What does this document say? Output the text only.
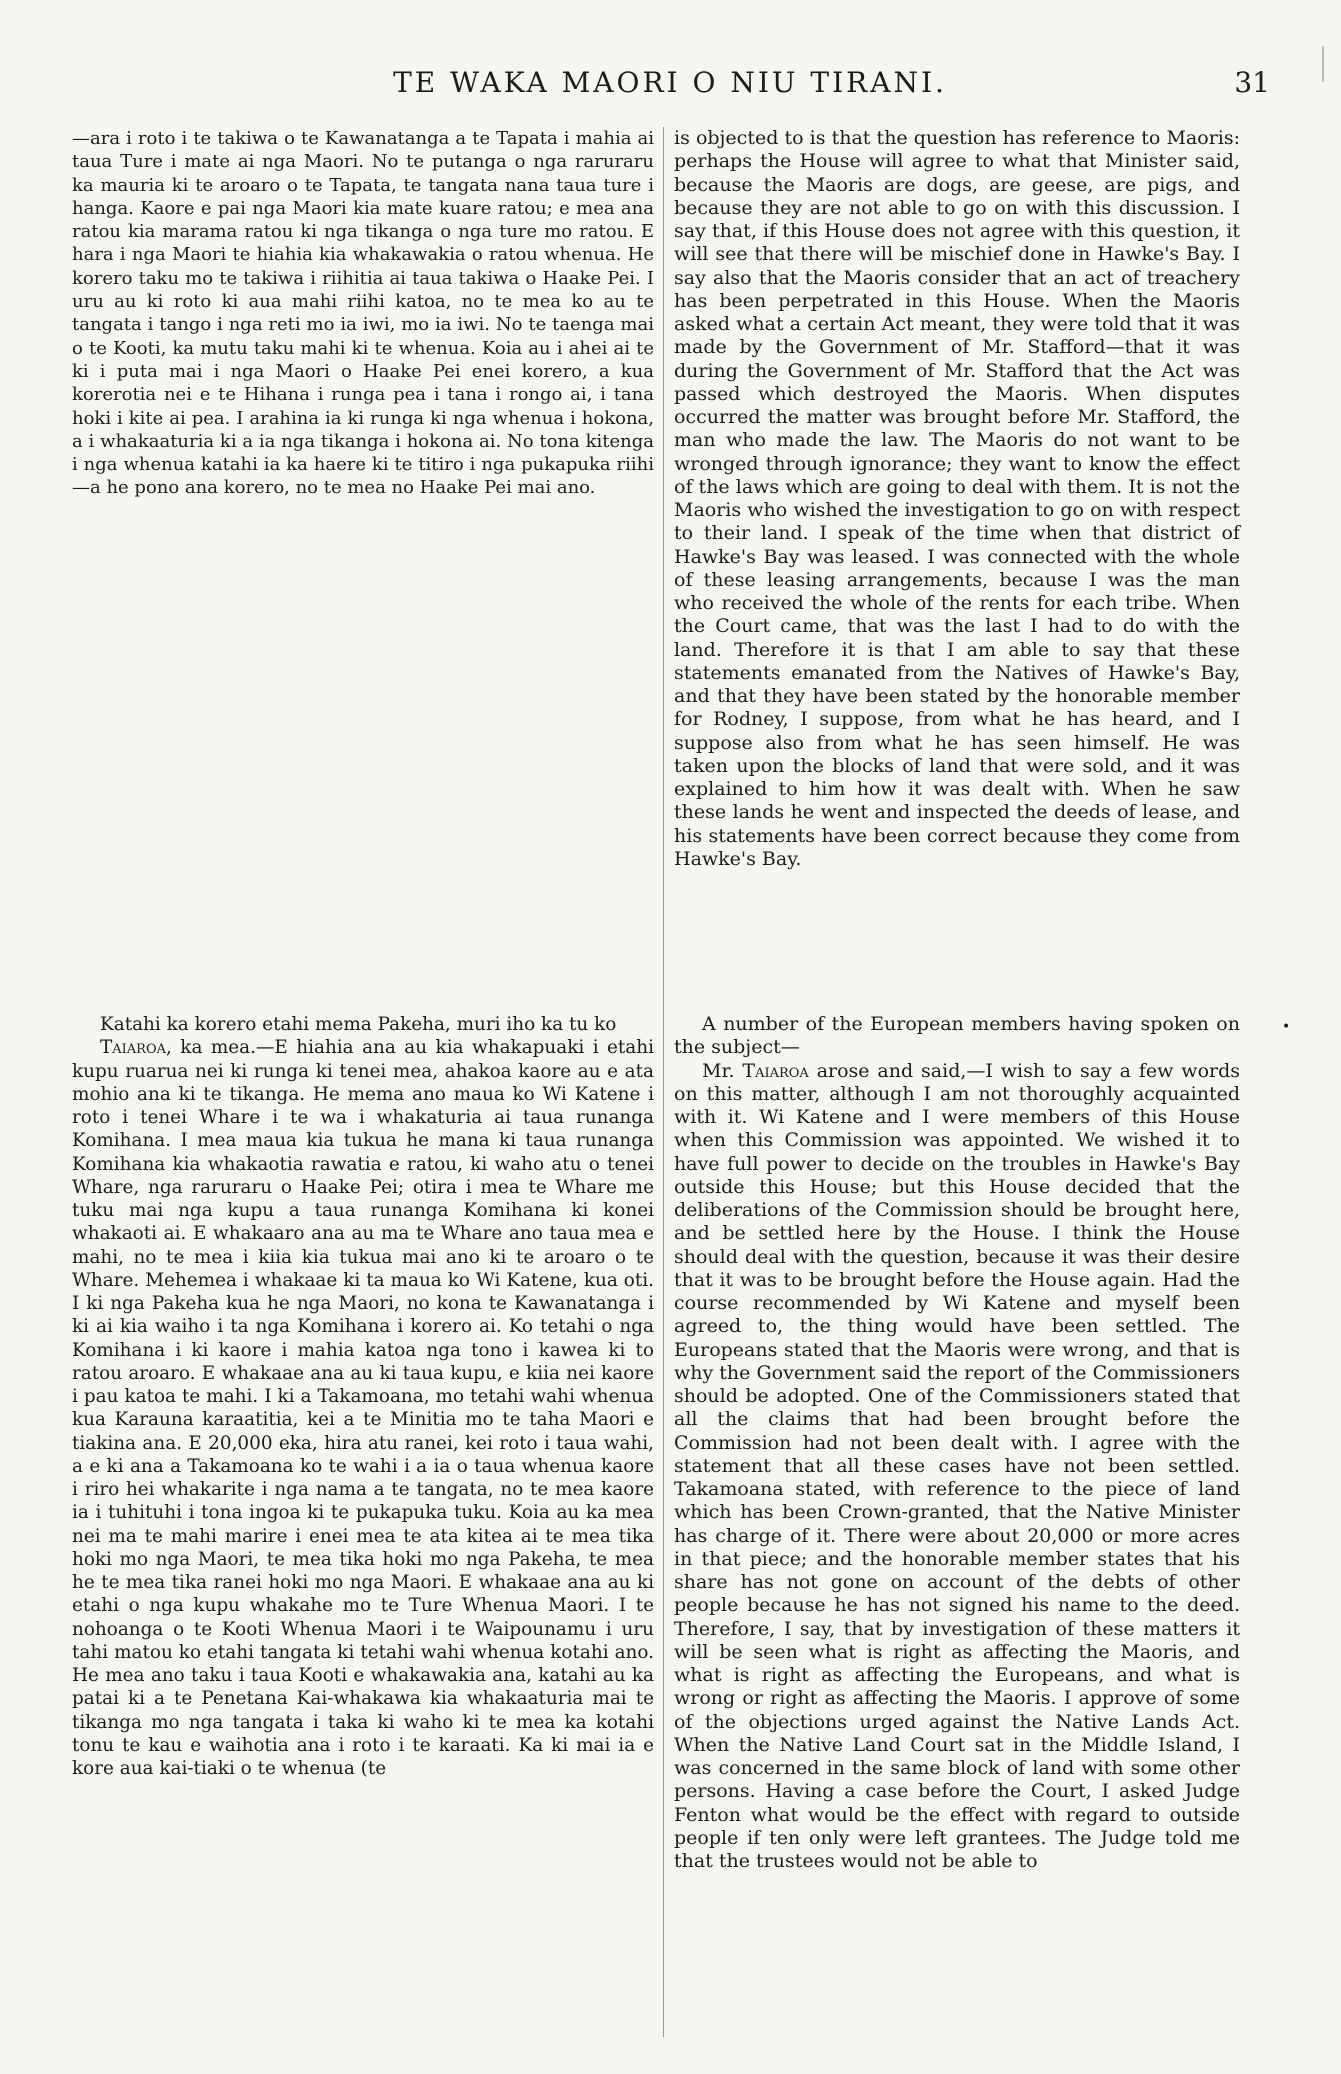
TE WAKA MAORI O NIU TIRANI.	31

—ara i roto i te takiwa o te Kawanatanga a te Tapata i mahia ai taua Ture i mate ai nga Maori. No te putanga o nga raruraru ka mauria ki te aroaro o te Tapata, te tangata nana taua ture i hanga. Kaore e pai nga Maori kia mate kuare ratou; e mea ana ratou kia marama ratou ki nga tikanga o nga ture mo ratou. E hara i nga Maori te hiahia kia whakawakia o ratou whenua. He korero taku mo te takiwa i riihitia ai taua takiwa o Haake Pei. I uru au ki roto ki aua mahi riihi katoa, no te mea ko au te tangata i tango i nga reti mo ia iwi, mo ia iwi. No te taenga mai o te Kooti, ka mutu taku mahi ki te whenua. Koia au i ahei ai te ki i puta mai i nga Maori o Haake Pei enei korero, a kua korerotia nei e te Hihana i runga pea i tana i rongo ai, i tana hoki i kite ai pea. I arahina ia ki runga ki nga whenua i hokona, a i whakaaturia ki a ia nga tikanga i hokona ai. No tona kitenga i nga whenua katahi ia ka haere ki te titiro i nga pukapuka riihi—a he pono ana korero, no te mea no Haake Pei mai ano.

Katahi ka korero etahi mema Pakeha, muri iho ka tu ko

Taiaroa, ka mea.—E hiahia ana au kia whakapuaki i etahi kupu ruarua nei ki runga ki tenei mea, ahakoa kaore au e ata mohio ana ki te tikanga. He mema ano maua ko Wi Katene i roto i tenei Whare i te wa i whakaturia ai taua runanga Komihana. I mea maua kia tukua he mana ki taua runanga Komihana kia whakaotia rawatia e ratou, ki waho atu o tenei Whare, nga raruraru o Haake Pei; otira i mea te Whare me tuku mai nga kupu a taua runanga Komihana ki konei whakaoti ai. E whakaaro ana au ma te Whare ano taua mea e mahi, no te mea i kiia kia tukua mai ano ki te aroaro o te Whare. Mehemea i whakaae ki ta maua ko Wi Katene, kua oti. I ki nga Pakeha kua he nga Maori, no kona te Kawanatanga i ki ai kia waiho i ta nga Komihana i korero ai. Ko tetahi o nga Komihana i ki kaore i mahia katoa nga tono i kawea ki to ratou aroaro. E whakaae ana au ki taua kupu, e kiia nei kaore i pau katoa te mahi. I ki a Takamoana, mo tetahi wahi whenua kua Karauna karaatitia, kei a te Minitia mo te taha Maori e tiakina ana. E 20,000 eka, hira atu ranei, kei roto i taua wahi, a e ki ana a Takamoana ko te wahi i a ia o taua whenua kaore i riro hei whakarite i nga nama a te tangata, no te mea kaore ia i tuhituhi i tona ingoa ki te pukapuka tuku. Koia au ka mea nei ma te mahi marire i enei mea te ata kitea ai te mea tika hoki mo nga Maori, te mea tika hoki mo nga Pakeha, te mea he te mea tika ranei hoki mo nga Maori. E whakaae ana au ki etahi o nga kupu whakahe mo te Ture Whenua Maori. I te nohoanga o te Kooti Whenua Maori i te Waipounamu i uru tahi matou ko etahi tangata ki tetahi wahi whenua kotahi ano. He mea ano taku i taua Kooti e whakawakia ana, katahi au ka patai ki a te Penetana Kai-whakawa kia whakaaturia mai te tikanga mo nga tangata i taka ki waho ki te mea ka kotahi tonu te kau e waihotia ana i roto i te karaati. Ka ki mai ia e kore aua kai-tiaki o te whenua (te

is objected to is that the question has reference to Maoris: perhaps the House will agree to what that Minister said, because the Maoris are dogs, are geese, are pigs, and because they are not able to go on with this discussion. I say that, if this House does not agree with this question, it will see that there will be mischief done in Hawke's Bay. I say also that the Maoris consider that an act of treachery has been perpetrated in this House. When the Maoris asked what a certain Act meant, they were told that it was made by the Government of Mr. Stafford—that it was during the Government of Mr. Stafford that the Act was passed which destroyed the Maoris. When disputes occurred the matter was brought before Mr. Stafford, the man who made the law. The Maoris do not want to be wronged through ignorance; they want to know the effect of the laws which are going to deal with them. It is not the Maoris who wished the investigation to go on with respect to their land. I speak of the time when that district of Hawke's Bay was leased. I was connected with the whole of these leasing arrangements, because I was the man who received the whole of the rents for each tribe. When the Court came, that was the last I had to do with the land. Therefore it is that I am able to say that these statements emanated from the Natives of Hawke's Bay, and that they have been stated by the honorable member for Rodney, I suppose, from what he has heard, and I suppose also from what he has seen himself. He was taken upon the blocks of land that were sold, and it was explained to him how it was dealt with. When he saw these lands he went and inspected the deeds of lease, and his statements have been correct because they come from Hawke's Bay.

A number of the European members having spoken on the subject—

Mr. Taiaroa arose and said,—I wish to say a few words on this matter, although I am not thoroughly acquainted with it. Wi Katene and I were members of this House when this Commission was appointed. We wished it to have full power to decide on the troubles in Hawke's Bay outside this House; but this House decided that the deliberations of the Commission should be brought here, and be settled here by the House. I think the House should deal with the question, because it was their desire that it was to be brought before the House again. Had the course recommended by Wi Katene and myself been agreed to, the thing would have been settled. The Europeans stated that the Maoris were wrong, and that is why the Government said the report of the Commissioners should be adopted. One of the Commissioners stated that all the claims that had been brought before the Commission had not been dealt with. I agree with the statement that all these cases have not been settled. Takamoana stated, with reference to the piece of land which has been Crown-granted, that the Native Minister has charge of it. There were about 20,000 or more acres in that piece; and the honorable member states that his share has not gone on account of the debts of other people because he has not signed his name to the deed. Therefore, I say, that by investigation of these matters it will be seen what is right as affecting the Maoris, and what is right as affecting the Europeans, and what is wrong or right as affecting the Maoris. I approve of some of the objections urged against the Native Lands Act. When the Native Land Court sat in the Middle Island, I was concerned in the same block of land with some other persons. Having a case before the Court, I asked Judge Fenton what would be the effect with regard to outside people if ten only were left grantees. The Judge told me that the trustees would not be able to

•
